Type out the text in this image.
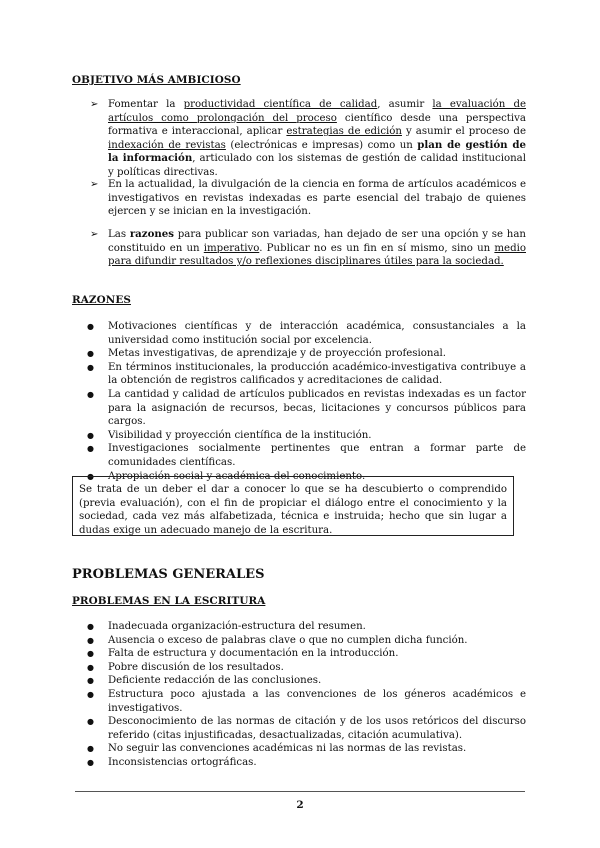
OBJETIVO MÁS AMBICIOSO
➢ Fomentar la productividad científica de calidad, asumir la evaluación de artículos como prolongación del proceso científico desde una perspectiva formativa e interaccional, aplicar estrategias de edición y asumir el proceso de indexación de revistas (electrónicas e impresas) como un plan de gestión de la información, articulado con los sistemas de gestión de calidad institucional y políticas directivas.
➢ En la actualidad, la divulgación de la ciencia en forma de artículos académicos e investigativos en revistas indexadas es parte esencial del trabajo de quienes ejercen y se inician en la investigación.
➢ Las razones para publicar son variadas, han dejado de ser una opción y se han constituido en un imperativo. Publicar no es un fin en sí mismo, sino un medio para difundir resultados y/o reflexiones disciplinares útiles para la sociedad.
RAZONES
● Motivaciones científicas y de interacción académica, consustanciales a la universidad como institución social por excelencia.
● Metas investigativas, de aprendizaje y de proyección profesional.
● En términos institucionales, la producción académico-investigativa contribuye a la obtención de registros calificados y acreditaciones de calidad.
● La cantidad y calidad de artículos publicados en revistas indexadas es un factor para la asignación de recursos, becas, licitaciones y concursos públicos para cargos.
● Visibilidad y proyección científica de la institución.
● Investigaciones socialmente pertinentes que entran a formar parte de comunidades científicas.
● Apropiación social y académica del conocimiento.
Se trata de un deber el dar a conocer lo que se ha descubierto o comprendido (previa evaluación), con el fin de propiciar el diálogo entre el conocimiento y la sociedad, cada vez más alfabetizada, técnica e instruida; hecho que sin lugar a dudas exige un adecuado manejo de la escritura.
PROBLEMAS GENERALES
PROBLEMAS EN LA ESCRITURA
● Inadecuada organización-estructura del resumen.
● Ausencia o exceso de palabras clave o que no cumplen dicha función.
● Falta de estructura y documentación en la introducción.
● Pobre discusión de los resultados.
● Deficiente redacción de las conclusiones.
● Estructura poco ajustada a las convenciones de los géneros académicos e investigativos.
● Desconocimiento de las normas de citación y de los usos retóricos del discurso referido (citas injustificadas, desactualizadas, citación acumulativa).
● No seguir las convenciones académicas ni las normas de las revistas.
● Inconsistencias ortográficas.
2
